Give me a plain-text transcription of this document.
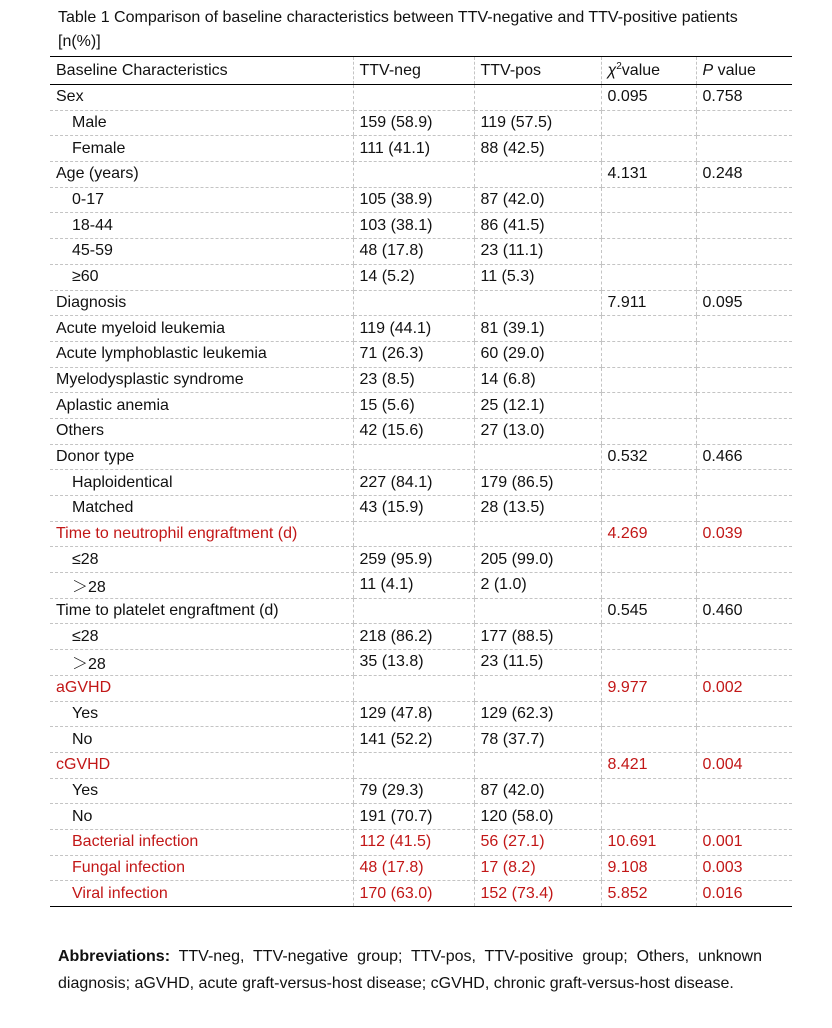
Table 1 Comparison of baseline characteristics between TTV-negative and TTV-positive patients [n(%)]
Baseline Characteristics	TTV-neg	TTV-pos	$\chi^2value$	P value
Sex			0.095	0.758
Male	159 (58.9)	119 (57.5)		
Female	111 (41.1)	88 (42.5)		
Age (years)			4.131	0.248
0-17	105 (38.9)	87 (42.0)		
18-44	103 (38.1)	86 (41.5)		
45-59	48 (17.8)	23 (11.1)		
≥60	14 (5.2)	11 (5.3)		
Diagnosis			7.911	0.095
Acute myeloid leukemia	119 (44.1)	81 (39.1)		
Acute lymphoblastic leukemia	71 (26.3)	60 (29.0)		
Myelodysplastic syndrome	23 (8.5)	14 (6.8)		
Aplastic anemia	15 (5.6)	25 (12.1)		
Others	42 (15.6)	27 (13.0)		
Donor type			0.532	0.466
Haploidentical	227 (84.1)	179 (86.5)		
Matched	43 (15.9)	28 (13.5)		
Time to neutrophil engraftment (d)			4.269	0.039
≤28	259 (95.9)	205 (99.0)		
＞28	11 (4.1)	2 (1.0)		
Time to platelet engraftment (d)			0.545	0.460
≤28	218 (86.2)	177 (88.5)		
＞28	35 (13.8)	23 (11.5)		
aGVHD			9.977	0.002
Yes	129 (47.8)	129 (62.3)		
No	141 (52.2)	78 (37.7)		
cGVHD			8.421	0.004
Yes	79 (29.3)	87 (42.0)		
No	191 (70.7)	120 (58.0)		
Bacterial infection	112 (41.5)	56 (27.1)	10.691	0.001
Fungal infection	48 (17.8)	17 (8.2)	9.108	0.003
Viral infection	170 (63.0)	152 (73.4)	5.852	0.016
Abbreviations: TTV-neg, TTV-negative group; TTV-pos, TTV-positive group; Others, unknown diagnosis; aGVHD, acute graft-versus-host disease; cGVHD, chronic graft-versus-host disease.
